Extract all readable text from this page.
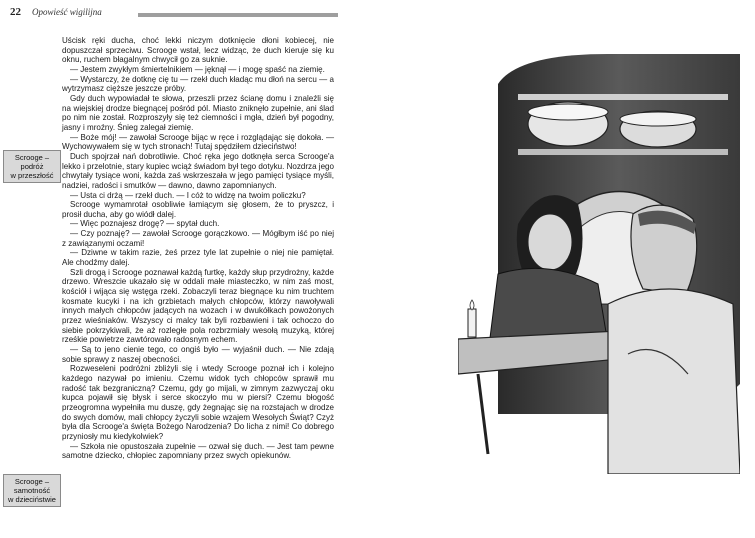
22 Opowieść wigilijna
Scrooge –
podróż
w przeszłość
Scrooge –
samotność
w dzieciństwie

Uścisk ręki ducha, choć lekki niczym dotknięcie dłoni kobiecej, nie dopuszczał sprzeciwu. Scrooge wstał, lecz widząc, że duch kieruje się ku oknu, ruchem błagalnym chwycił go za suknie.

— Jestem zwykłym śmiertelnikiem — jęknął — i mogę spaść na ziemię.

— Wystarczy, że dotknę cię tu — rzekł duch kładąc mu dłoń na sercu — a wytrzymasz cięższe jeszcze próby.

Gdy duch wypowiadał te słowa, przeszli przez ścianę domu i znaleźli się na wiejskiej drodze biegnącej pośród pól. Miasto zniknęło zupełnie, ani ślad po nim nie został. Rozproszyły się też ciemności i mgła, dzień był pogodny, jasny i mroźny. Śnieg zalegał ziemię.

— Boże mój! — zawołał Scrooge bijąc w ręce i rozglądając się dokoła. — Wychowywałem się w tych stronach! Tutaj spędziłem dzieciństwo!

Duch spojrzał nań dobrotliwie. Choć ręka jego dotknęła serca Scrooge'a lekko i przelotnie, stary kupiec wciąż świadom był tego dotyku. Nozdrza jego chwytały tysiące woni, każda zaś wskrzeszała w jego pamięci tysiące myśli, nadziei, radości i smutków — dawno, dawno zapomnianych.

— Usta ci drżą — rzekł duch. — I cóż to widzę na twoim policzku?

Scrooge wymamrotał osobliwie łamiącym się głosem, że to pryszcz, i prosił ducha, aby go wiódł dalej.

— Więc poznajesz drogę? — spytał duch.

— Czy poznaję? — zawołał Scrooge gorączkowo. — Mógłbym iść po niej z zawiązanymi oczami!

— Dziwne w takim razie, żeś przez tyle lat zupełnie o niej nie pamiętał. Ale chodźmy dalej.

Szli drogą i Scrooge poznawał każdą furtkę, każdy słup przydrożny, każde drzewo. Wreszcie ukazało się w oddali małe miasteczko, w nim zaś most, kościół i wijąca się wstęga rzeki. Zobaczyli teraz biegnące ku nim truchtem kosmate kucyki i na ich grzbietach małych chłopców, którzy nawoływali innych małych chłopców jadących na wozach i w dwukółkach powożonych przez wieśniaków. Wszyscy ci malcy tak byli rozbawieni i tak ochoczo do siebie pokrzykiwali, że aż rozległe pola rozbrzmiały wesołą muzyką, której rześkie powietrze zawtórowało radosnym echem.

— Są to jeno cienie tego, co ongiś było — wyjaśnił duch. — Nie zdają sobie sprawy z naszej obecności.

Rozweseleni podróżni zbliżyli się i wtedy Scrooge poznał ich i kolejno każdego nazywał po imieniu. Czemu widok tych chłopców sprawił mu radość tak bezgraniczną? Czemu, gdy go mijali, w zimnym zazwyczaj oku kupca pojawił się błysk i serce skoczyło mu w piersi? Czemu błogość przeogromna wypełniła mu duszę, gdy żegnając się na rozstajach w drodze do swych domów, mali chłopcy życzyli sobie wzajem Wesołych Świąt? Czyż była dla Scrooge'a święta Bożego Narodzenia? Do licha z nimi! Co dobrego przyniosły mu kiedykolwiek?

— Szkoła nie opustoszała zupełnie — ozwał się duch. — Jest tam pewne samotne dziecko, chłopiec zapomniany przez swych opiekunów.
